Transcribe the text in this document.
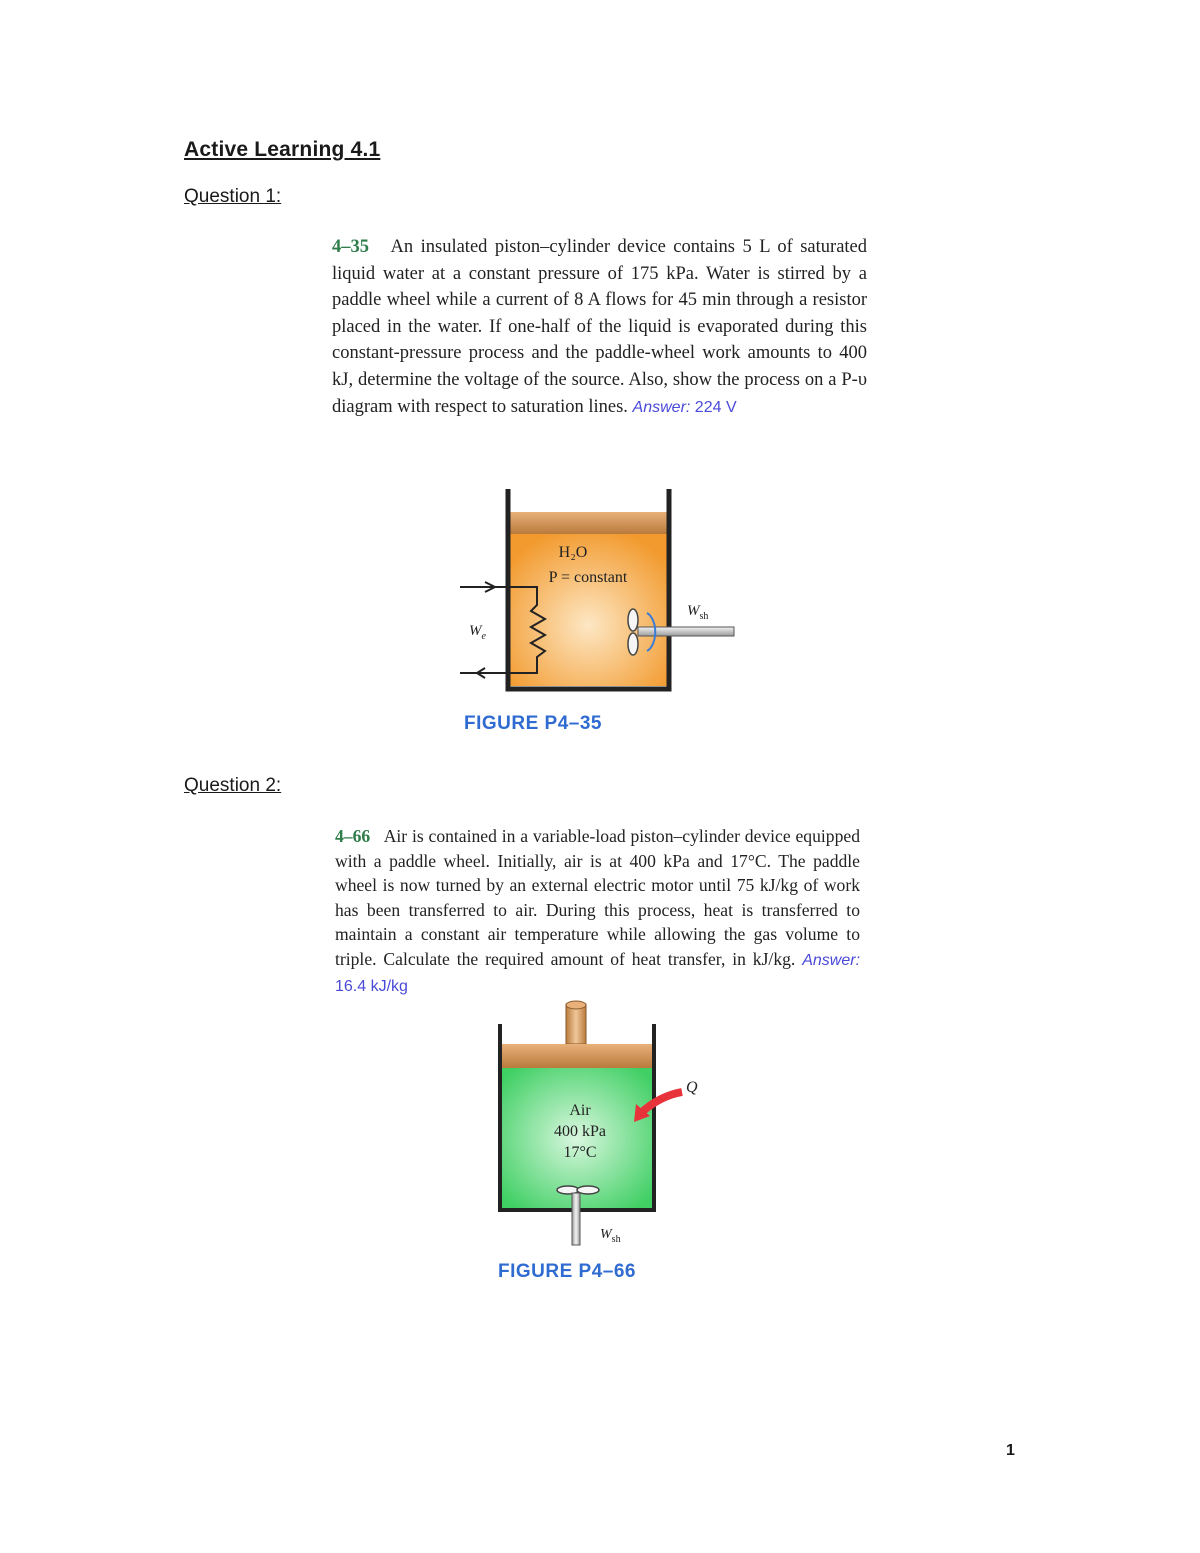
Active Learning 4.1
Question 1:
4–35 An insulated piston–cylinder device contains 5 L of saturated liquid water at a constant pressure of 175 kPa. Water is stirred by a paddle wheel while a current of 8 A flows for 45 min through a resistor placed in the water. If one-half of the liquid is evaporated during this constant-pressure process and the paddle-wheel work amounts to 400 kJ, determine the voltage of the source. Also, show the process on a P-υ diagram with respect to saturation lines. Answer: 224 V
H₂O
P = constant
$W_e$
$W_{sh}$
FIGURE P4–35
Question 2:
4–66 Air is contained in a variable-load piston–cylinder device equipped with a paddle wheel. Initially, air is at 400 kPa and 17°C. The paddle wheel is now turned by an external electric motor until 75 kJ/kg of work has been transferred to air. During this process, heat is transferred to maintain a constant air temperature while allowing the gas volume to triple. Calculate the required amount of heat transfer, in kJ/kg. Answer: 16.4 kJ/kg
Q
Air
400 kPa
17°C
$W_{sh}$
FIGURE P4–66
1
